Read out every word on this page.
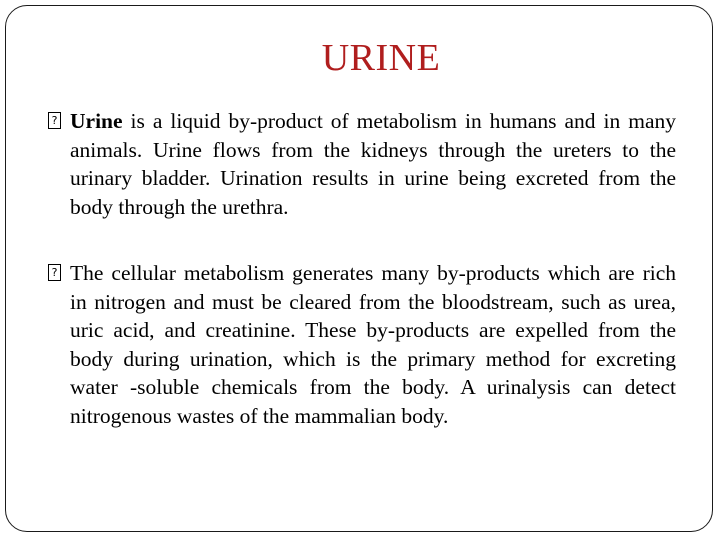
URINE
? Urine is a liquid by-product of metabolism in humans and in many animals. Urine flows from the kidneys through the ureters to the urinary bladder. Urination results in urine being excreted from the body through the urethra.
? The cellular metabolism generates many by-products which are rich in nitrogen and must be cleared from the bloodstream, such as urea, uric acid, and creatinine. These by-products are expelled from the body during urination, which is the primary method for excreting water -soluble chemicals from the body. A urinalysis can detect nitrogenous wastes of the mammalian body.
